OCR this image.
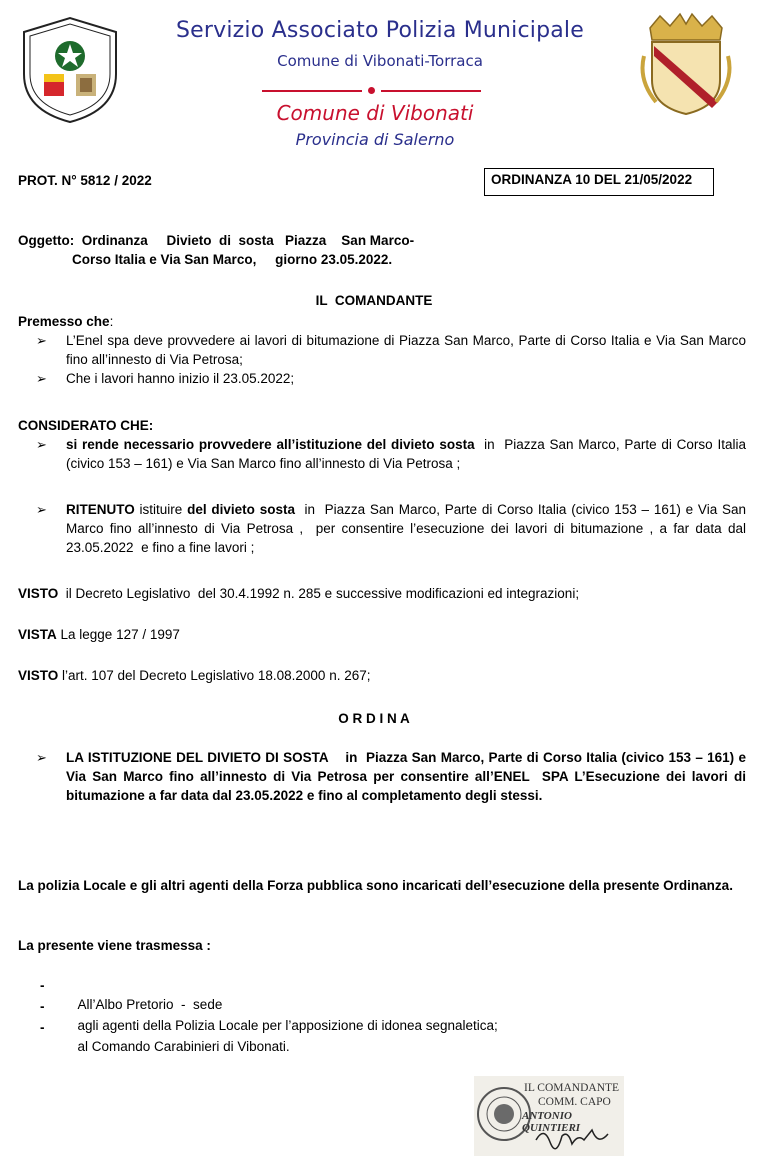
Servizio Associato Polizia Municipale
Comune di Vibonati-Torraca
Comune di Vibonati
Provincia di Salerno
PROT. N° 5812 / 2022	ORDINANZA 10 DEL 21/05/2022
Oggetto:  Ordinanza     Divieto  di  sosta   Piazza    San Marco-
Corso Italia e Via San Marco,     giorno 23.05.2022.
IL  COMANDANTE
Premesso che:
➢ L’Enel spa deve provvedere ai lavori di bitumazione di Piazza San Marco, Parte di Corso Italia e Via San Marco fino all’innesto di Via Petrosa;
➢ Che i lavori hanno inizio il 23.05.2022;
CONSIDERATO CHE:
➢ si rende necessario provvedere all’istituzione del divieto sosta  in  Piazza San Marco, Parte di Corso Italia (civico 153 – 161) e Via San Marco fino all’innesto di Via Petrosa ;
➢ RITENUTO istituire del divieto sosta  in  Piazza San Marco, Parte di Corso Italia (civico 153 – 161) e Via San Marco fino all’innesto di Via Petrosa ,  per consentire l’esecuzione dei lavori di bitumazione , a far data dal 23.05.2022  e fino a fine lavori ;
VISTO  il Decreto Legislativo  del 30.4.1992 n. 285 e successive modificazioni ed integrazioni;
VISTA La legge 127 / 1997
VISTO l’art. 107 del Decreto Legislativo 18.08.2000 n. 267;
O R D I N A
➢ LA ISTITUZIONE DEL DIVIETO DI SOSTA    in  Piazza San Marco, Parte di Corso Italia (civico 153 – 161) e Via San Marco fino all’innesto di Via Petrosa per consentire all’ENEL  SPA L’Esecuzione dei lavori di bitumazione a far data dal 23.05.2022 e fino al completamento degli stessi.
La polizia Locale e gli altri agenti della Forza pubblica sono incaricati dell’esecuzione della presente Ordinanza.
La presente viene trasmessa :

-
All’Albo Pretorio  -  sede

-
agli agenti della Polizia Locale per l’apposizione di idonea segnaletica;

-
al Comando Carabinieri di Vibonati.

IL COMANDANTE
COMM. CAPO
ANTONIO QUINTIERI
